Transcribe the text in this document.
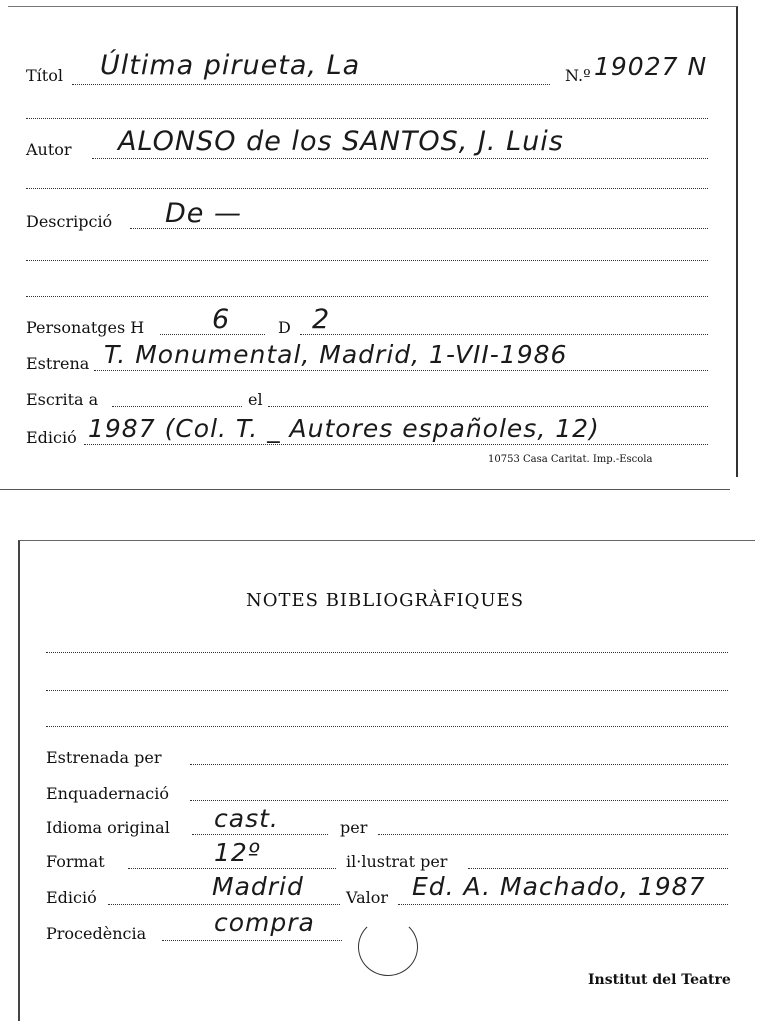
Títol Última pirueta, La	N.º 19027 N
Autor ALONSO de los SANTOS, J. Luis
Descripció De —
Personatges H	6	D 2
Estrena T. Monumental, Madrid, 1-VII-1986
Escrita a	el
Edició 1987 (Col. T. _ Autores españoles, 12)
10753 Casa Caritat. Imp.-Escola
NOTES BIBLIOGRÀFIQUES
Estrenada per
Enquadernació
Idioma original cast.	per
Format	12º	il·lustrat per
Edició	Madrid	Valor Ed. A. Machado, 1987
Procedència	compra
Institut del Teatre
